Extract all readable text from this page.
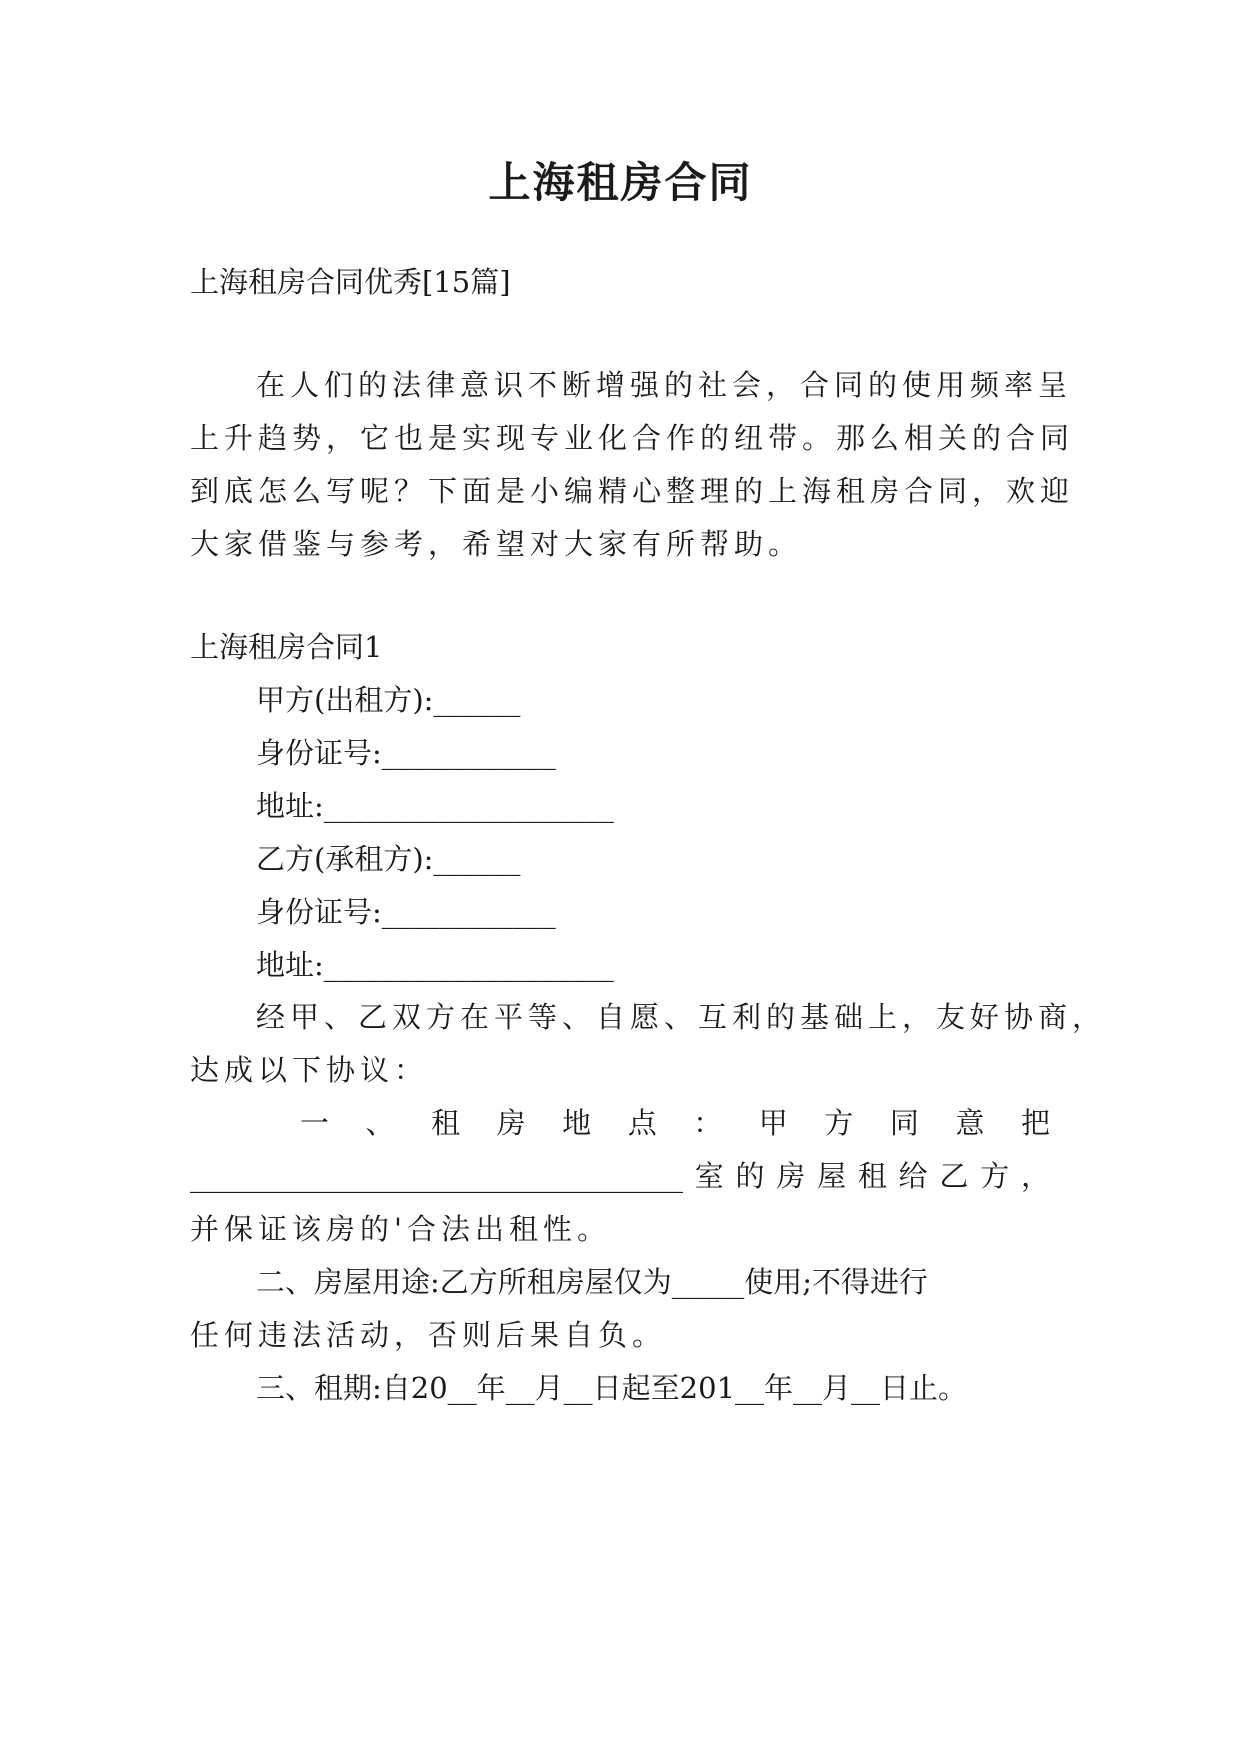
上海租房合同

上海租房合同优秀[15篇]

在人们的法律意识不断增强的社会，合同的使用频率呈

上升趋势，它也是实现专业化合作的纽带。那么相关的合同

到底怎么写呢？下面是小编精心整理的上海租房合同，欢迎

大家借鉴与参考，希望对大家有所帮助。

上海租房合同1

甲方(出租方):______

身份证号:____________

地址:____________________

乙方(承租方):______

身份证号:____________

地址:____________________

经甲、乙双方在平等、自愿、互利的基础上，友好协商，

达成以下协议：

一、租房地点：甲方同意把

__________________________________室的房屋租给乙方，

并保证该房的'合法出租性。

二、房屋用途:乙方所租房屋仅为_____使用;不得进行

任何违法活动，否则后果自负。

三、租期:自20__年__月__日起至201__年__月__日止。
